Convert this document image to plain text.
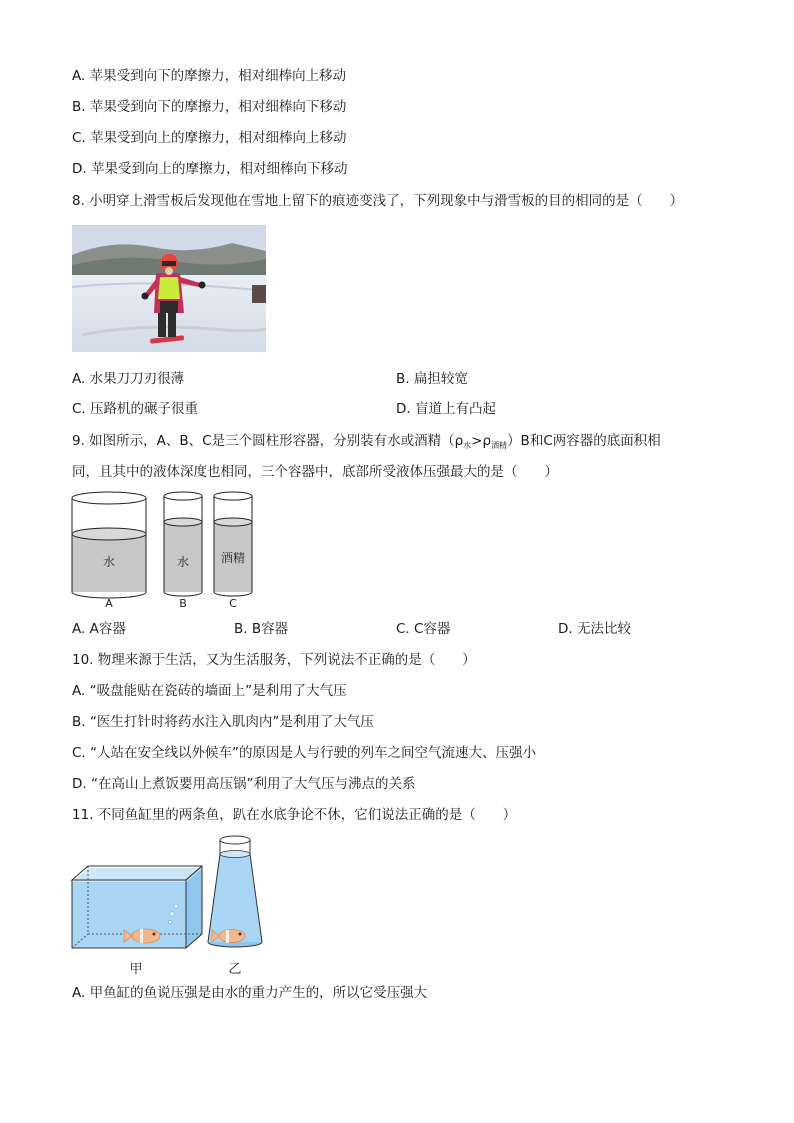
A. 苹果受到向下的摩擦力，相对细棒向上移动
B. 苹果受到向下的摩擦力，相对细棒向下移动
C. 苹果受到向上的摩擦力，相对细棒向上移动
D. 苹果受到向上的摩擦力，相对细棒向下移动
8. 小明穿上滑雪板后发现他在雪地上留下的痕迹变浅了，下列现象中与滑雪板的目的相同的是（　　）
A. 水果刀刀刃很薄	B. 扁担较宽
C. 压路机的碾子很重	D. 盲道上有凸起
9. 如图所示，A、B、C是三个圆柱形容器，分别装有水或酒精$(\rho_水>\rho_{酒精})B$和C两容器的底面积相
同，且其中的液体深度也相同，三个容器中，底部所受液体压强最大的是（　　）
水
A
水
B
酒精
C
A. A容器	B. B容器	C. C容器	D. 无法比较
10. 物理来源于生活，又为生活服务，下列说法不正确的是（　　）
A. “吸盘能贴在瓷砖的墙面上”是利用了大气压
B. “医生打针时将药水注入肌肉内”是利用了大气压
C. “人站在安全线以外候车”的原因是人与行驶的列车之间空气流速大、压强小
D. “在高山上煮饭要用高压锅”利用了大气压与沸点的关系
11. 不同鱼缸里的两条鱼，趴在水底争论不休，它们说法正确的是（　　）
甲	乙
A. 甲鱼缸的鱼说压强是由水的重力产生的，所以它受压强大
